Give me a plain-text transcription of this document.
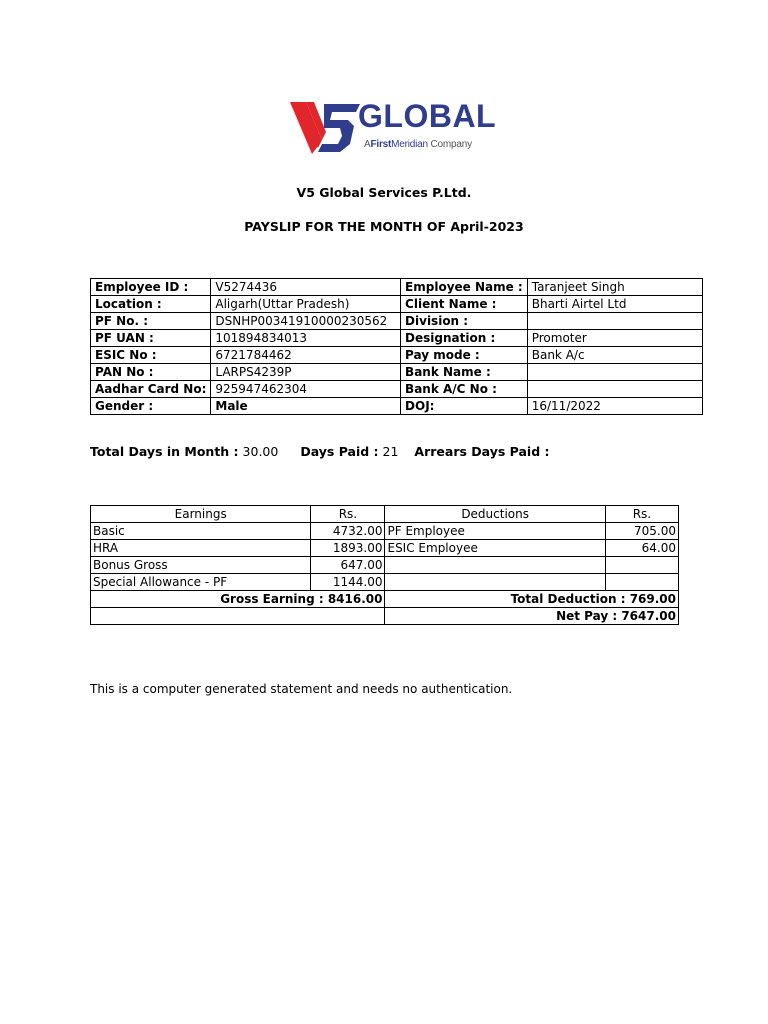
GLOBAL
AFirstMeridian Company
V5 Global Services P.Ltd.
PAYSLIP FOR THE MONTH OF April-2023
Employee ID :	V5274436	Employee Name :	Taranjeet Singh
Location :	Aligarh(Uttar Pradesh)	Client Name :	Bharti Airtel Ltd
PF No. :	DSNHP00341910000230562	Division :	
PF UAN :	101894834013	Designation :	Promoter
ESIC No :	6721784462	Pay mode :	Bank A/c
PAN No :	LARPS4239P	Bank Name :	
Aadhar Card No:	925947462304	Bank A/C No :	
Gender :	Male	DOJ:	16/11/2022
Total Days in Month : 30.00 Days Paid : 21 Arrears Days Paid :
Earnings	Rs.	Deductions	Rs.
Basic	4732.00	PF Employee	705.00
HRA	1893.00	ESIC Employee	64.00
Bonus Gross	647.00		
Special Allowance - PF	1144.00		
Gross Earning : 8416.00		Total Deduction : 769.00	
		Net Pay : 7647.00	
This is a computer generated statement and needs no authentication.
